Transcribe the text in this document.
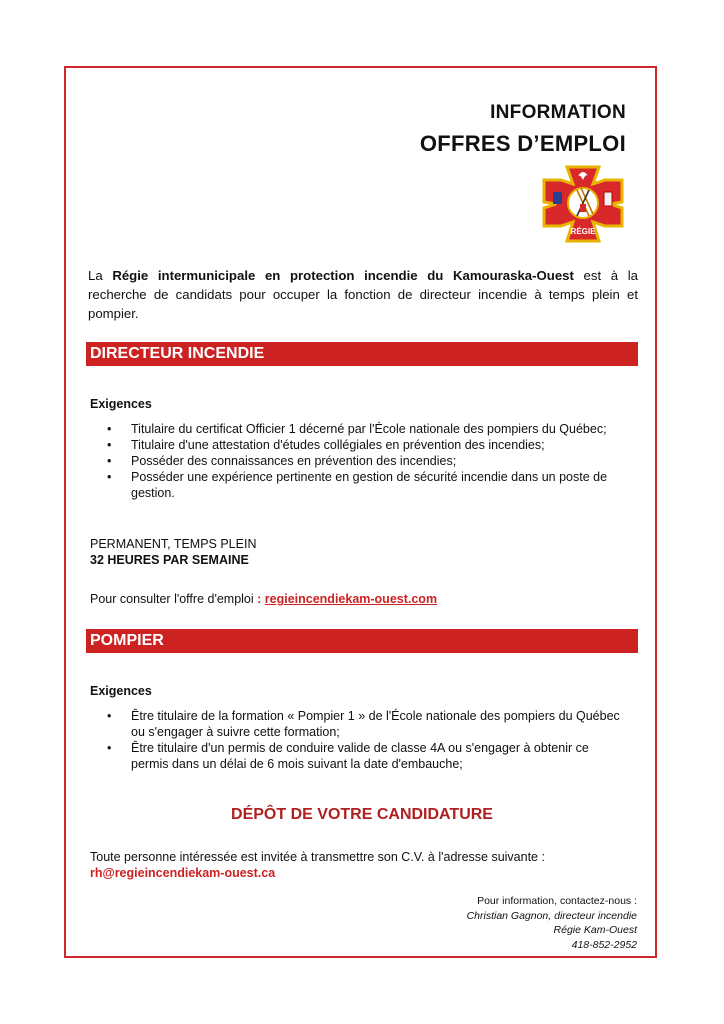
INFORMATION
OFFRES D’EMPLOI
RÉGIE
La Régie intermunicipale en protection incendie du Kamouraska-Ouest est à la recherche de candidats pour occuper la fonction de directeur incendie à temps plein et pompier.
DIRECTEUR INCENDIE
Exigences
• Titulaire du certificat Officier 1 décerné par l'École nationale des pompiers du Québec;
• Titulaire d'une attestation d'études collégiales en prévention des incendies;
• Posséder des connaissances en prévention des incendies;
• Posséder une expérience pertinente en gestion de sécurité incendie dans un poste de gestion.
PERMANENT, TEMPS PLEIN
32 HEURES PAR SEMAINE
Pour consulter l'offre d'emploi : regieincendiekam-ouest.com
POMPIER
Exigences
• Être titulaire de la formation « Pompier 1 » de l'École nationale des pompiers du Québec ou s'engager à suivre cette formation;
• Être titulaire d'un permis de conduire valide de classe 4A ou s'engager à obtenir ce permis dans un délai de 6 mois suivant la date d'embauche;
DÉPÔT DE VOTRE CANDIDATURE
Toute personne intéressée est invitée à transmettre son C.V. à l'adresse suivante :
rh@regieincendiekam-ouest.ca
Pour information, contactez-nous :
Christian Gagnon, directeur incendie
Régie Kam-Ouest
418-852-2952
